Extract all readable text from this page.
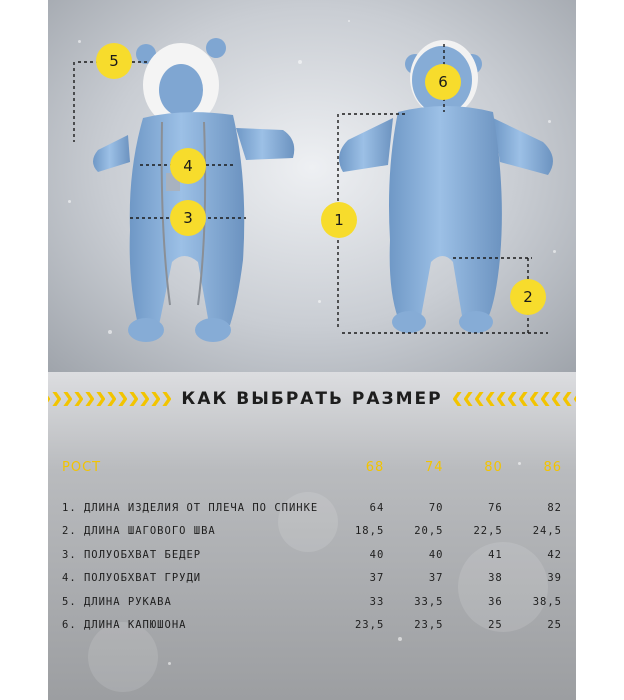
1
2
3
4
5
6
КАК ВЫБРАТЬ РАЗМЕР
РОСТ	68	74	80	86

1. ДЛИНА ИЗДЕЛИЯ ОТ ПЛЕЧА ПО СПИНКЕ	64	70	76	82
2. ДЛИНА ШАГОВОГО ШВА	18,5	20,5	22,5	24,5
3. ПОЛУОБХВАТ БЕДЕР	40	40	41	42
4. ПОЛУОБХВАТ ГРУДИ	37	37	38	39
5. ДЛИНА РУКАВА	33	33,5	36	38,5
6. ДЛИНА КАПЮШОНА	23,5	23,5	25	25
